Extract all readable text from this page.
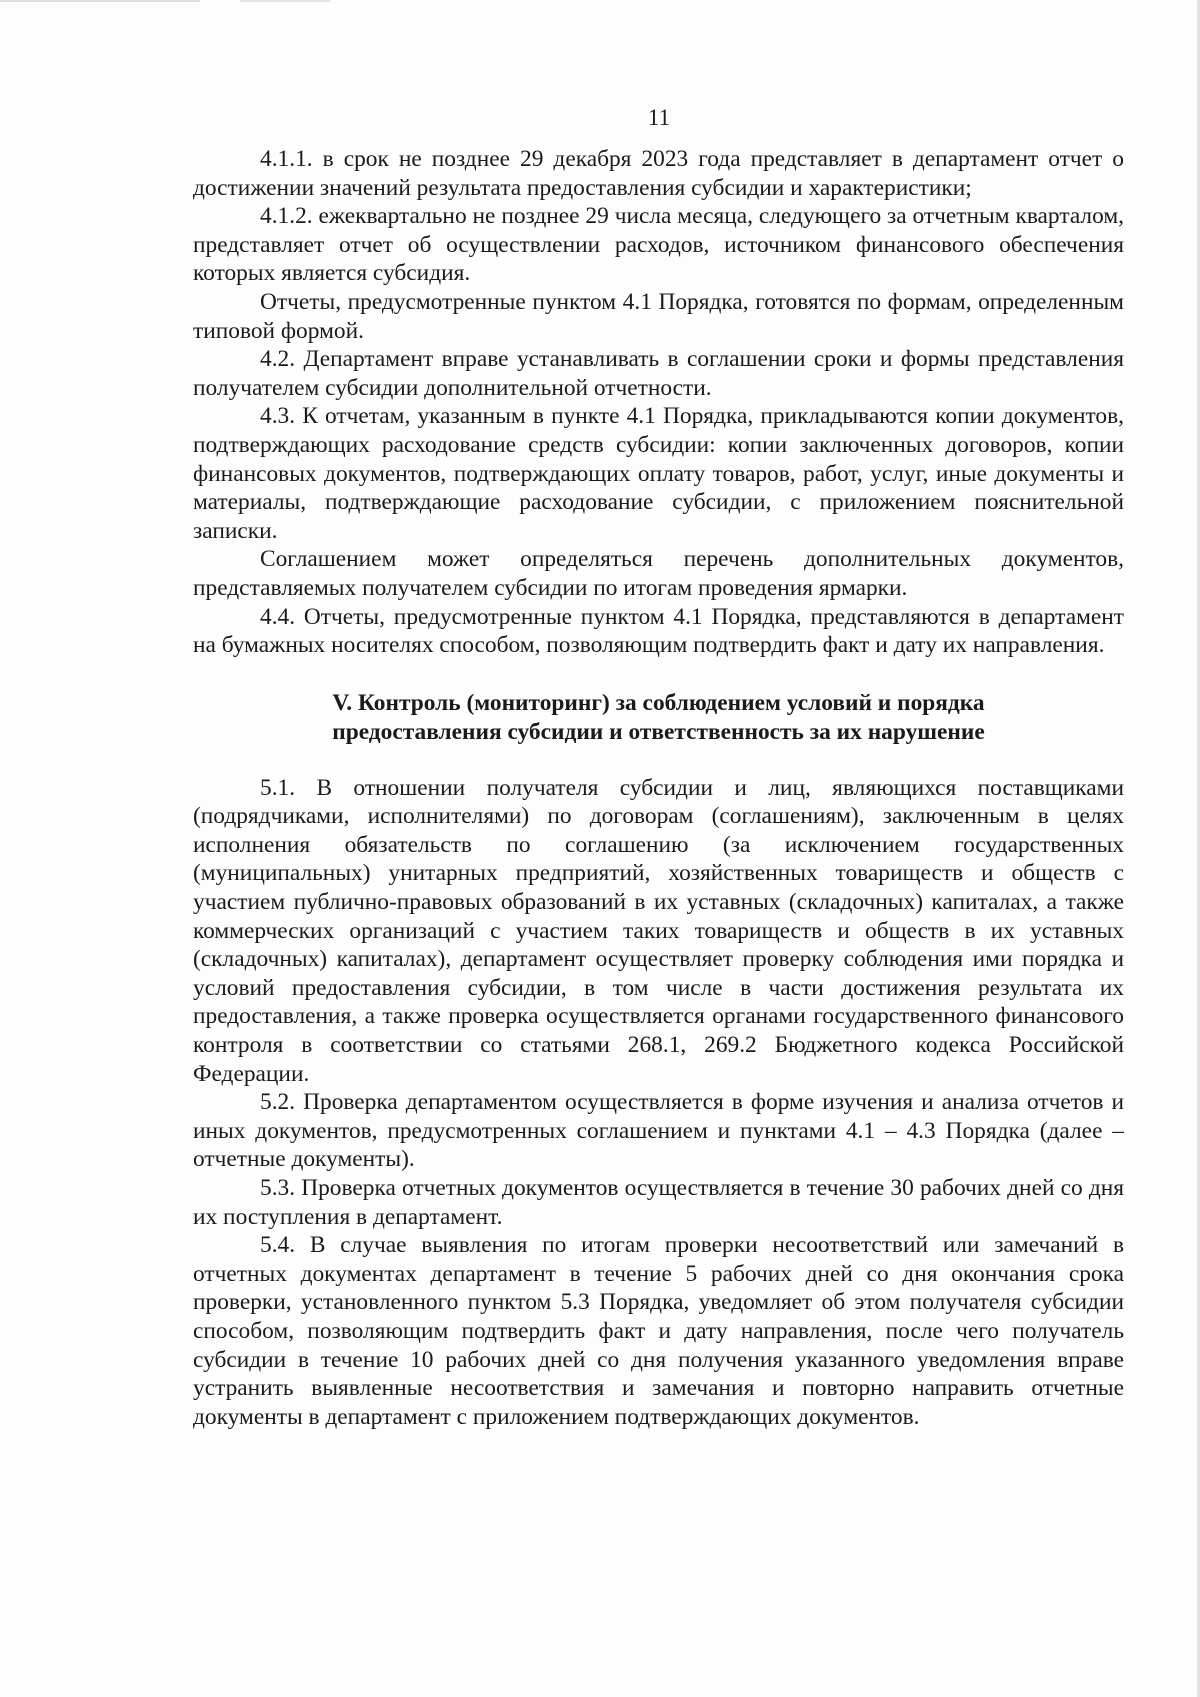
11

4.1.1. в срок не позднее 29 декабря 2023 года представляет в департамент отчет о достижении значений результата предоставления субсидии и характеристики;

4.1.2. ежеквартально не позднее 29 числа месяца, следующего за отчетным кварталом, представляет отчет об осуществлении расходов, источником финансового обеспечения которых является субсидия.

Отчеты, предусмотренные пунктом 4.1 Порядка, готовятся по формам, определенным типовой формой.

4.2. Департамент вправе устанавливать в соглашении сроки и формы представления получателем субсидии дополнительной отчетности.

4.3. К отчетам, указанным в пункте 4.1 Порядка, прикладываются копии документов, подтверждающих расходование средств субсидии: копии заключенных договоров, копии финансовых документов, подтверждающих оплату товаров, работ, услуг, иные документы и материалы, подтверждающие расходование субсидии, с приложением пояснительной записки.

Соглашением может определяться перечень дополнительных документов, представляемых получателем субсидии по итогам проведения ярмарки.

4.4. Отчеты, предусмотренные пунктом 4.1 Порядка, представляются в департамент на бумажных носителях способом, позволяющим подтвердить факт и дату их направления.

V. Контроль (мониторинг) за соблюдением условий и порядка
предоставления субсидии и ответственность за их нарушение

5.1. В отношении получателя субсидии и лиц, являющихся поставщиками (подрядчиками, исполнителями) по договорам (соглашениям), заключенным в целях исполнения обязательств по соглашению (за исключением государственных (муниципальных) унитарных предприятий, хозяйственных товариществ и обществ с участием публично-правовых образований в их уставных (складочных) капиталах, а также коммерческих организаций с участием таких товариществ и обществ в их уставных (складочных) капиталах), департамент осуществляет проверку соблюдения ими порядка и условий предоставления субсидии, в том числе в части достижения результата их предоставления, а также проверка осуществляется органами государственного финансового контроля в соответствии со статьями 268.1, 269.2 Бюджетного кодекса Российской Федерации.

5.2. Проверка департаментом осуществляется в форме изучения и анализа отчетов и иных документов, предусмотренных соглашением и пунктами 4.1 – 4.3 Порядка (далее – отчетные документы).

5.3. Проверка отчетных документов осуществляется в течение 30 рабочих дней со дня их поступления в департамент.

5.4. В случае выявления по итогам проверки несоответствий или замечаний в отчетных документах департамент в течение 5 рабочих дней со дня окончания срока проверки, установленного пунктом 5.3 Порядка, уведомляет об этом получателя субсидии способом, позволяющим подтвердить факт и дату направления, после чего получатель субсидии в течение 10 рабочих дней со дня получения указанного уведомления вправе устранить выявленные несоответствия и замечания и повторно направить отчетные документы в департамент с приложением подтверждающих документов.
